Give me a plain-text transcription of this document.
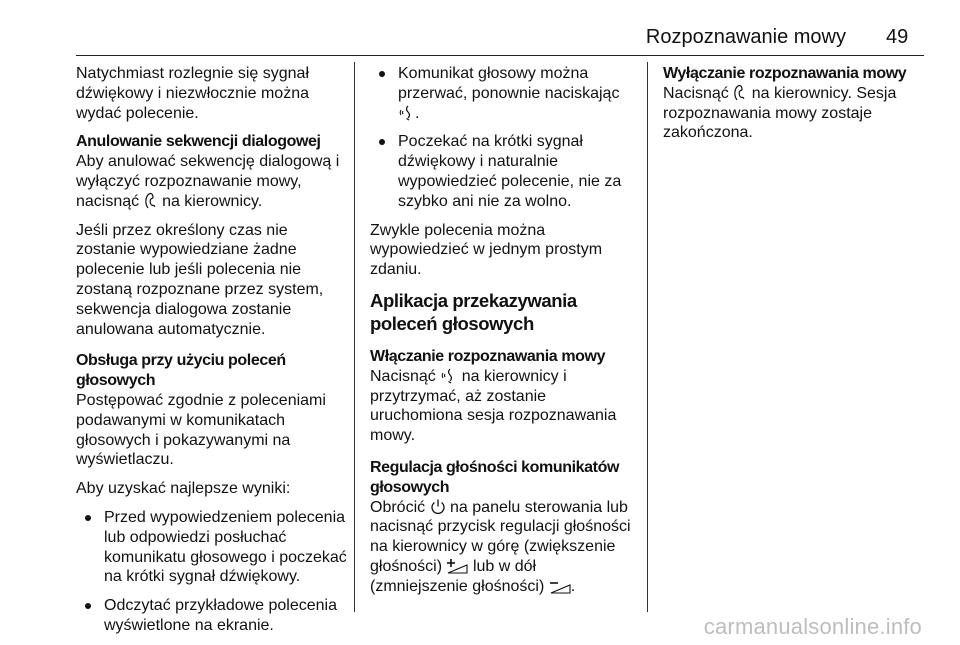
Rozpoznawanie mowy 49

Natychmiast rozlegnie się sygnał dźwiękowy i niezwłocznie można wydać polecenie.

Anulowanie sekwencji dialogowej

Aby anulować sekwencję dialogową i wyłączyć rozpoznawanie mowy, nacisnąć na kierownicy.

Jeśli przez określony czas nie zostanie wypowiedziane żadne polecenie lub jeśli polecenia nie zostaną rozpoznane przez system, sekwencja dialogowa zostanie anulowana automatycznie.

Obsługa przy użyciu poleceń głosowych

Postępować zgodnie z poleceniami podawanymi w komunikatach głosowych i pokazywanymi na wyświetlaczu.

Aby uzyskać najlepsze wyniki:

Przed wypowiedzeniem polecenia lub odpowiedzi posłuchać komunikatu głosowego i poczekać na krótki sygnał dźwiękowy.
Odczytać przykładowe polecenia wyświetlone na ekranie.
Komunikat głosowy można przerwać, ponownie naciskając
.
Poczekać na krótki sygnał dźwiękowy i naturalnie wypowiedzieć polecenie, nie za szybko ani nie za wolno.

Zwykle polecenia można wypowiedzieć w jednym prostym zdaniu.

Aplikacja przekazywania poleceń głosowych

Włączanie rozpoznawania mowy

Nacisnąć na kierownicy i przytrzymać, aż zostanie uruchomiona sesja rozpoznawania mowy.

Regulacja głośności komunikatów głosowych

Obrócić na panelu sterowania lub nacisnąć przycisk regulacji głośności na kierownicy w górę (zwiększenie głośności) lub w dół (zmniejszenie głośności) .

Wyłączanie rozpoznawania mowy

Nacisnąć na kierownicy. Sesja rozpoznawania mowy zostaje zakończona.

carmanualsonline.info
